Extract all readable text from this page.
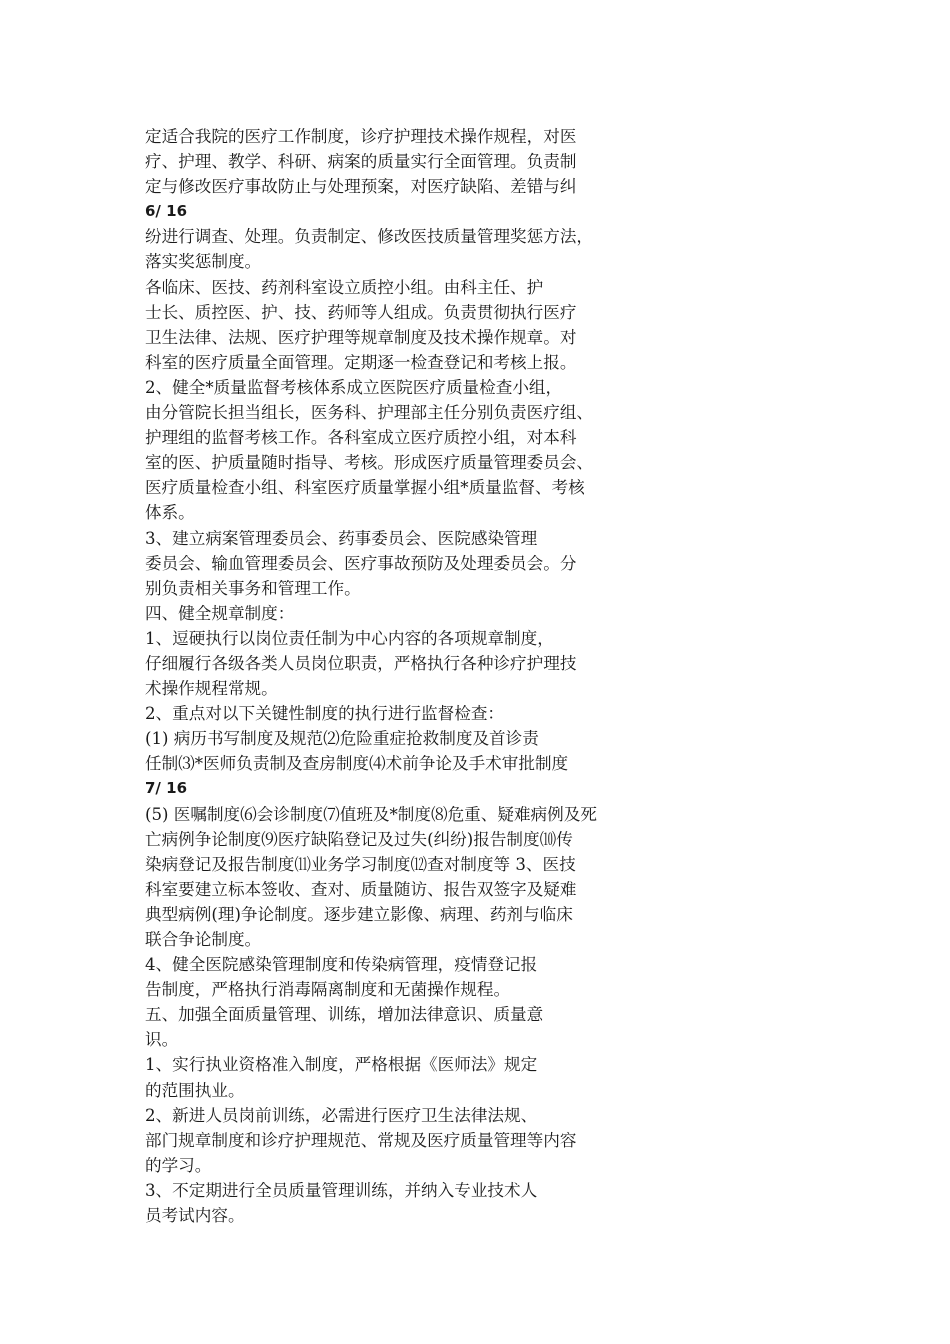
定适合我院的医疗工作制度，诊疗护理技术操作规程，对医
疗、护理、教学、科研、病案的质量实行全面管理。负责制
定与修改医疗事故防止与处理预案，对医疗缺陷、差错与纠
6/ 16
纷进行调查、处理。负责制定、修改医技质量管理奖惩方法，
落实奖惩制度。
各临床、医技、药剂科室设立质控小组。由科主任、护
士长、质控医、护、技、药师等人组成。负责贯彻执行医疗
卫生法律、法规、医疗护理等规章制度及技术操作规章。对
科室的医疗质量全面管理。定期逐一检查登记和考核上报。
2、健全*质量监督考核体系成立医院医疗质量检查小组，
由分管院长担当组长，医务科、护理部主任分别负责医疗组、
护理组的监督考核工作。各科室成立医疗质控小组，对本科
室的医、护质量随时指导、考核。形成医疗质量管理委员会、
医疗质量检查小组、科室医疗质量掌握小组*质量监督、考核
体系。
3、建立病案管理委员会、药事委员会、医院感染管理
委员会、输血管理委员会、医疗事故预防及处理委员会。分
别负责相关事务和管理工作。
四、健全规章制度：
1、逗硬执行以岗位责任制为中心内容的各项规章制度，
仔细履行各级各类人员岗位职责，严格执行各种诊疗护理技
术操作规程常规。
2、重点对以下关键性制度的执行进行监督检查：
(1) 病历书写制度及规范⑵危险重症抢救制度及首诊责
任制⑶*医师负责制及查房制度⑷术前争论及手术审批制度
7/ 16
(5) 医嘱制度⑹会诊制度⑺值班及*制度⑻危重、疑难病例及死
亡病例争论制度⑼医疗缺陷登记及过失(纠纷)报告制度⑽传
染病登记及报告制度⑾业务学习制度⑿查对制度等 3、医技
科室要建立标本签收、查对、质量随访、报告双签字及疑难
典型病例(理)争论制度。逐步建立影像、病理、药剂与临床
联合争论制度。
4、健全医院感染管理制度和传染病管理，疫情登记报
告制度，严格执行消毒隔离制度和无菌操作规程。
五、加强全面质量管理、训练，增加法律意识、质量意
识。
1、实行执业资格准入制度，严格根据《医师法》规定
的范围执业。
2、新进人员岗前训练，必需进行医疗卫生法律法规、
部门规章制度和诊疗护理规范、常规及医疗质量管理等内容
的学习。
3、不定期进行全员质量管理训练，并纳入专业技术人
员考试内容。
